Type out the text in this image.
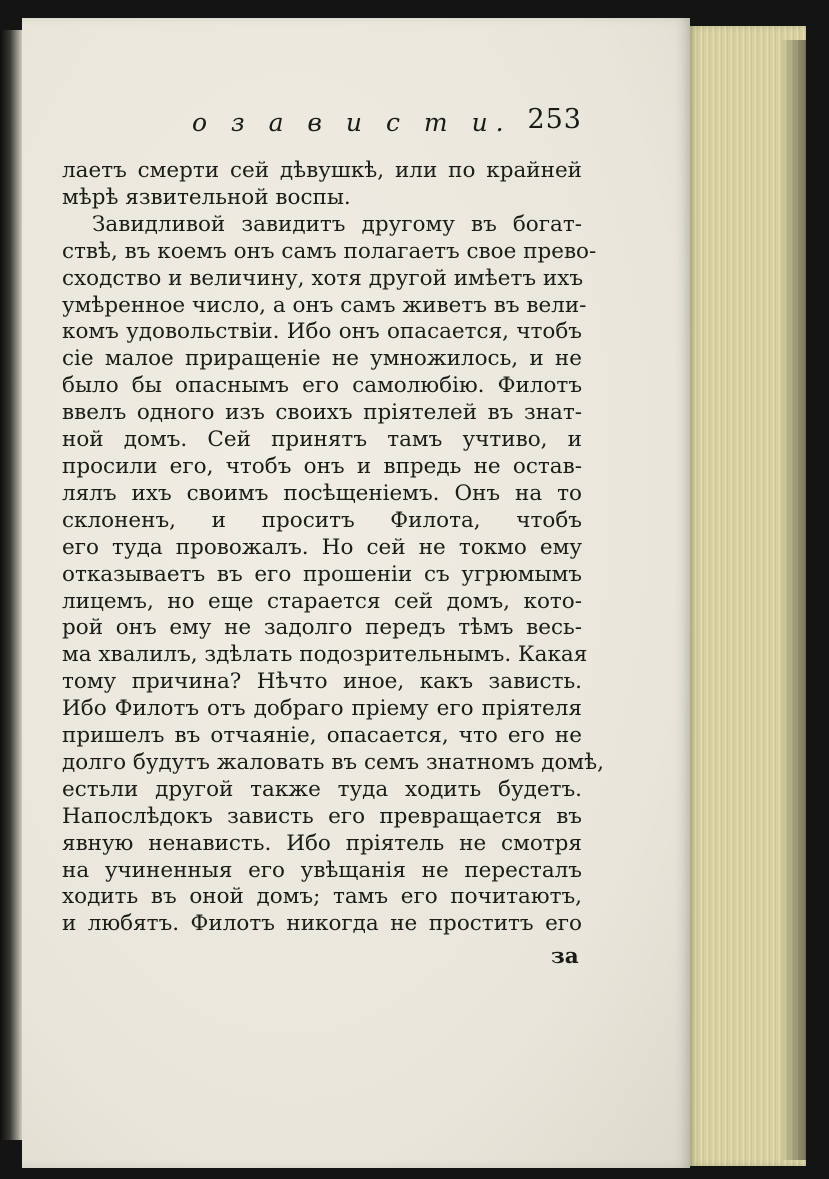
о з а в и с т и. 253
лаетъ смерти сей дѣвушкѣ, или по крайней
мѣрѣ язвительной воспы.
Завидливой завидитъ другому въ богат-
ствѣ, въ коемъ онъ самъ полагаетъ свое прево-
сходство и величину, хотя другой имѣетъ ихъ
умѣренное число, а онъ самъ живетъ въ вели-
комъ удовольствіи. Ибо онъ опасается, чтобъ
сіе малое приращеніе не умножилось, и не
было бы опаснымъ его самолюбію. Филотъ
ввелъ одного изъ своихъ пріятелей въ знат-
ной домъ. Сей принятъ тамъ учтиво, и
просили его, чтобъ онъ и впредь не остав-
лялъ ихъ своимъ посѣщеніемъ. Онъ на то
склоненъ, и проситъ Филота, чтобъ
его туда провожалъ. Но сей не токмо ему
отказываетъ въ его прошеніи съ угрюмымъ
лицемъ, но еще старается сей домъ, кото-
рой онъ ему не задолго передъ тѣмъ весь-
ма хвалилъ, здѣлать подозрительнымъ. Какая
тому причина? Нѣчто иное, какъ зависть.
Ибо Филотъ отъ добраго пріему его пріятеля
пришелъ въ отчаяніе, опасается, что его не
долго будутъ жаловать въ семъ знатномъ домѣ,
естьли другой также туда ходить будетъ.
Напослѣдокъ зависть его превращается въ
явную ненависть. Ибо пріятель не смотря
на учиненныя его увѣщанія не пересталъ
ходить въ оной домъ; тамъ его почитаютъ,
и любятъ. Филотъ никогда не проститъ его
за
